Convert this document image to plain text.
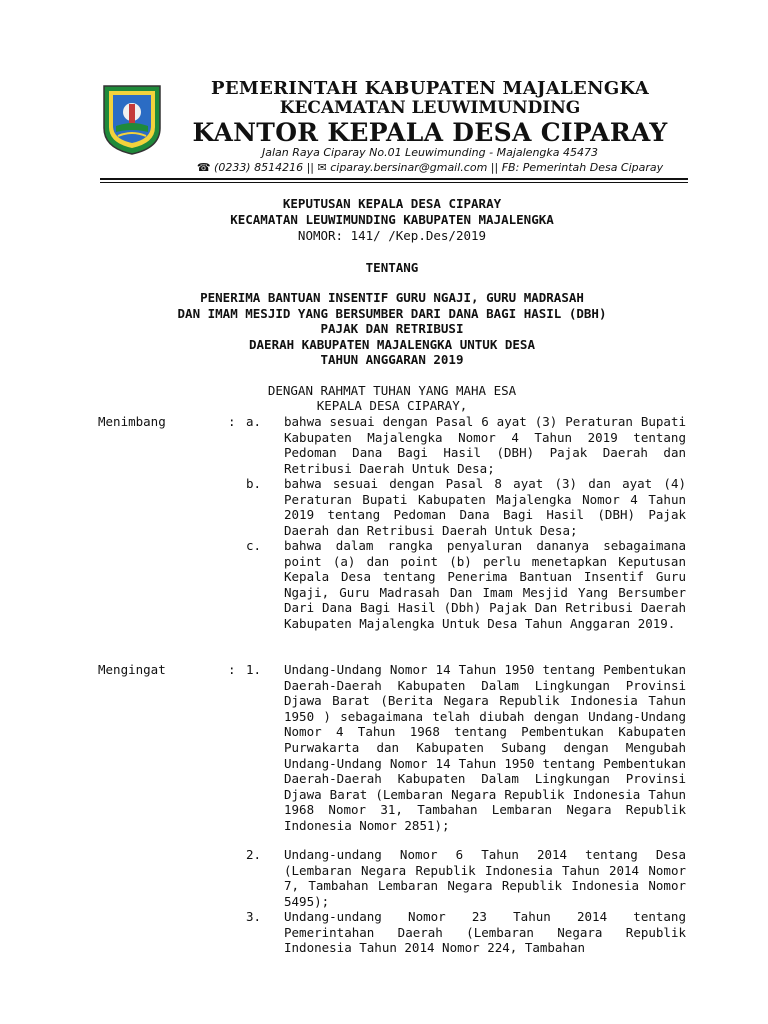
PEMERINTAH KABUPATEN MAJALENGKA
KECAMATAN LEUWIMUNDING
KANTOR KEPALA DESA CIPARAY
Jalan Raya Ciparay No.01 Leuwimunding - Majalengka 45473
☎ (0233) 8514216 || ✉ ciparay.bersinar@gmail.com || FB: Pemerintah Desa Ciparay
KEPUTUSAN KEPALA DESA CIPARAY
KECAMATAN LEUWIMUNDING KABUPATEN MAJALENGKA
NOMOR: 141/ /Kep.Des/2019
TENTANG
PENERIMA BANTUAN INSENTIF GURU NGAJI, GURU MADRASAH
DAN IMAM MESJID YANG BERSUMBER DARI DANA BAGI HASIL (DBH)
PAJAK DAN RETRIBUSI
DAERAH KABUPATEN MAJALENGKA UNTUK DESA
TAHUN ANGGARAN 2019
DENGAN RAHMAT TUHAN YANG MAHA ESA
KEPALA DESA CIPARAY,
Menimbang	: a. bahwa sesuai dengan Pasal 6 ayat (3) Peraturan Bupati Kabupaten Majalengka Nomor 4 Tahun 2019 tentang Pedoman Dana Bagi Hasil (DBH) Pajak Daerah dan Retribusi Daerah Untuk Desa;
b. bahwa sesuai dengan Pasal 8 ayat (3) dan ayat (4) Peraturan Bupati Kabupaten Majalengka Nomor 4 Tahun 2019 tentang Pedoman Dana Bagi Hasil (DBH) Pajak Daerah dan Retribusi Daerah Untuk Desa;
c. bahwa dalam rangka penyaluran dananya sebagaimana point (a) dan point (b) perlu menetapkan Keputusan Kepala Desa tentang Penerima Bantuan Insentif Guru Ngaji, Guru Madrasah Dan Imam Mesjid Yang Bersumber Dari Dana Bagi Hasil (Dbh) Pajak Dan Retribusi Daerah Kabupaten Majalengka Untuk Desa Tahun Anggaran 2019.
Mengingat	: 1. Undang-Undang Nomor 14 Tahun 1950 tentang Pembentukan Daerah-Daerah Kabupaten Dalam Lingkungan Provinsi Djawa Barat (Berita Negara Republik Indonesia Tahun 1950 ) sebagaimana telah diubah dengan Undang-Undang Nomor 4 Tahun 1968 tentang Pembentukan Kabupaten Purwakarta dan Kabupaten Subang dengan Mengubah Undang-Undang Nomor 14 Tahun 1950 tentang Pembentukan Daerah-Daerah Kabupaten Dalam Lingkungan Provinsi Djawa Barat (Lembaran Negara Republik Indonesia Tahun 1968 Nomor 31, Tambahan Lembaran Negara Republik Indonesia Nomor 2851);
2. Undang-undang Nomor 6 Tahun 2014 tentang Desa (Lembaran Negara Republik Indonesia Tahun 2014 Nomor 7, Tambahan Lembaran Negara Republik Indonesia Nomor 5495);
3. Undang-undang Nomor 23 Tahun 2014 tentang Pemerintahan Daerah (Lembaran Negara Republik Indonesia Tahun 2014 Nomor 224, Tambahan
